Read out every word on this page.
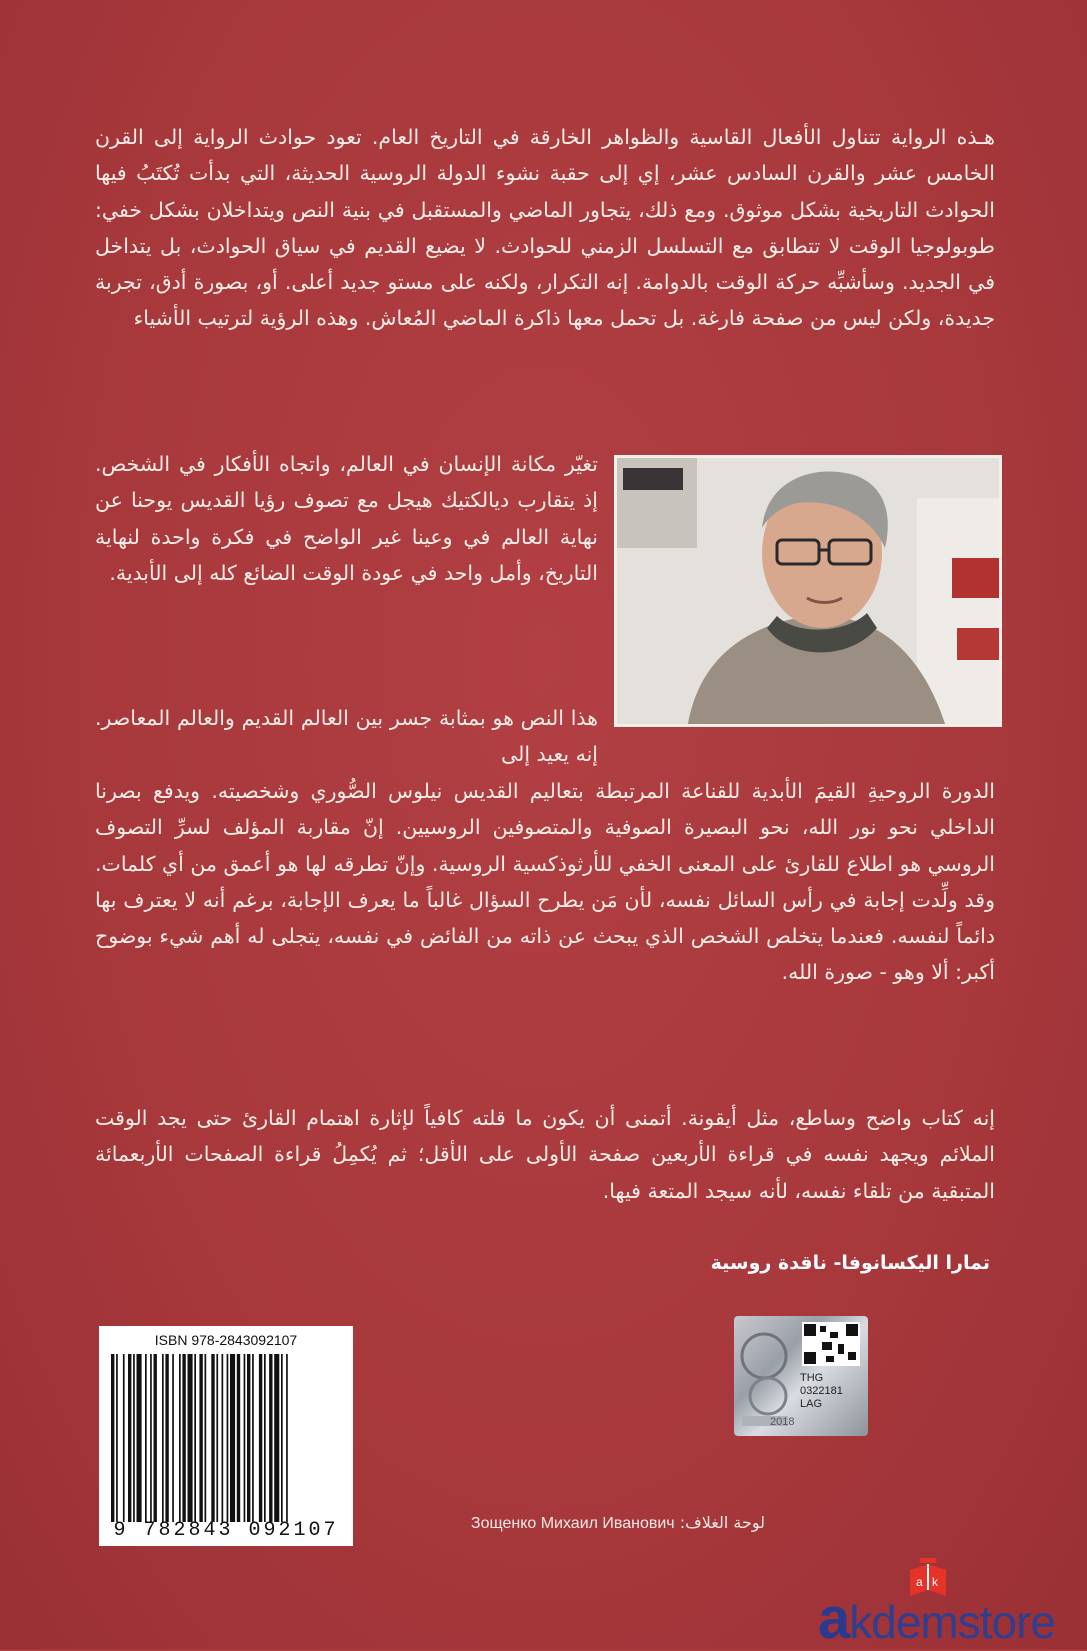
هـذه الرواية تتناول الأفعال القاسية والظواهر الخارقة في التاريخ العام. تعود حوادث الرواية إلى القرن الخامس عشر والقرن السادس عشر، إي إلى حقبة نشوء الدولة الروسية الحديثة، التي بدأت تُكتَبُ فيها الحوادث التاريخية بشكل موثوق. ومع ذلك، يتجاور الماضي والمستقبل في بنية النص ويتداخلان بشكل خفي: طوبولوجيا الوقت لا تتطابق مع التسلسل الزمني للحوادث. لا يضيع القديم في سياق الحوادث، بل يتداخل في الجديد. وسأشبِّه حركة الوقت بالدوامة. إنه التكرار، ولكنه على مستو جديد أعلى. أو، بصورة أدق، تجربة جديدة، ولكن ليس من صفحة فارغة. بل تحمل معها ذاكرة الماضي المُعاش. وهذه الرؤية لترتيب الأشياء
تغيّر مكانة الإنسان في العالم، واتجاه الأفكار في الشخص. إذ يتقارب ديالكتيك هيجل مع تصوف رؤيا القديس يوحنا عن نهاية العالم في وعينا غير الواضح في فكرة واحدة لنهاية التاريخ، وأمل واحد في عودة الوقت الضائع كله إلى الأبدية.
هذا النص هو بمثابة جسر بين العالم القديم والعالم المعاصر. إنه يعيد إلى
الدورة الروحيةِ القيمَ الأبدية للقناعة المرتبطة بتعاليم القديس نيلوس الصُّوري وشخصيته. ويدفع بصرنا الداخلي نحو نور الله، نحو البصيرة الصوفية والمتصوفين الروسيين. إنّ مقاربة المؤلف لسرِّ التصوف الروسي هو اطلاع للقارئ على المعنى الخفي للأرثوذكسية الروسية. وإنّ تطرقه لها هو أعمق من أي كلمات. وقد ولِّدت إجابة في رأس السائل نفسه، لأن مَن يطرح السؤال غالباً ما يعرف الإجابة، برغم أنه لا يعترف بها دائماً لنفسه. فعندما يتخلص الشخص الذي يبحث عن ذاته من الفائض في نفسه، يتجلى له أهم شيء بوضوح أكبر: ألا وهو - صورة الله.
إنه كتاب واضح وساطع، مثل أيقونة. أتمنى أن يكون ما قلته كافياً لإثارة اهتمام القارئ حتى يجد الوقت الملائم ويجهد نفسه في قراءة الأربعين صفحة الأولى على الأقل؛ ثم يُكمِلُ قراءة الصفحات الأربعمائة المتبقية من تلقاء نفسه، لأنه سيجد المتعة فيها.
تمارا اليكسانوفا- ناقدة روسية
ISBN 978-2843092107
9 782843 092107
THG
0322181
LAG
2018
لوحة الغلاف: Зощенко Михаил Иванович
a k
akdemstore
